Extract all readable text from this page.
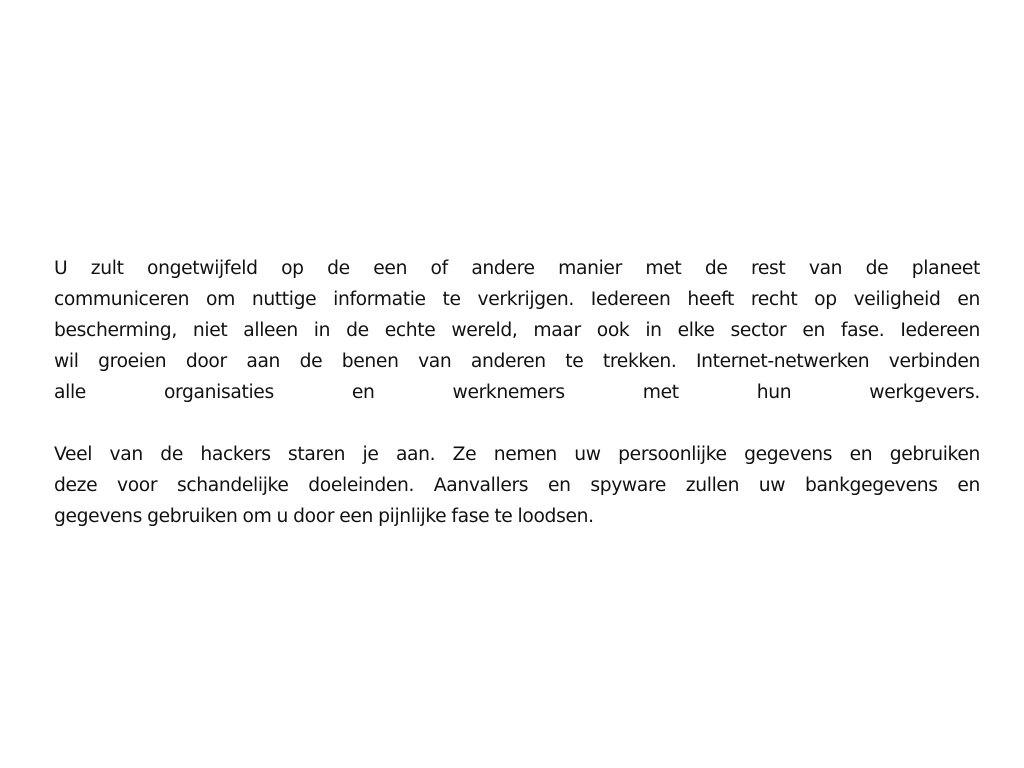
U zult ongetwijfeld op de een of andere manier met de rest van de planeet
communiceren om nuttige informatie te verkrijgen. Iedereen heeft recht op veiligheid en
bescherming, niet alleen in de echte wereld, maar ook in elke sector en fase. Iedereen
wil groeien door aan de benen van anderen te trekken. Internet-netwerken verbinden
alle organisaties en werknemers met hun werkgevers.

Veel van de hackers staren je aan. Ze nemen uw persoonlijke gegevens en gebruiken
deze voor schandelijke doeleinden. Aanvallers en spyware zullen uw bankgegevens en
gegevens gebruiken om u door een pijnlijke fase te loodsen.
